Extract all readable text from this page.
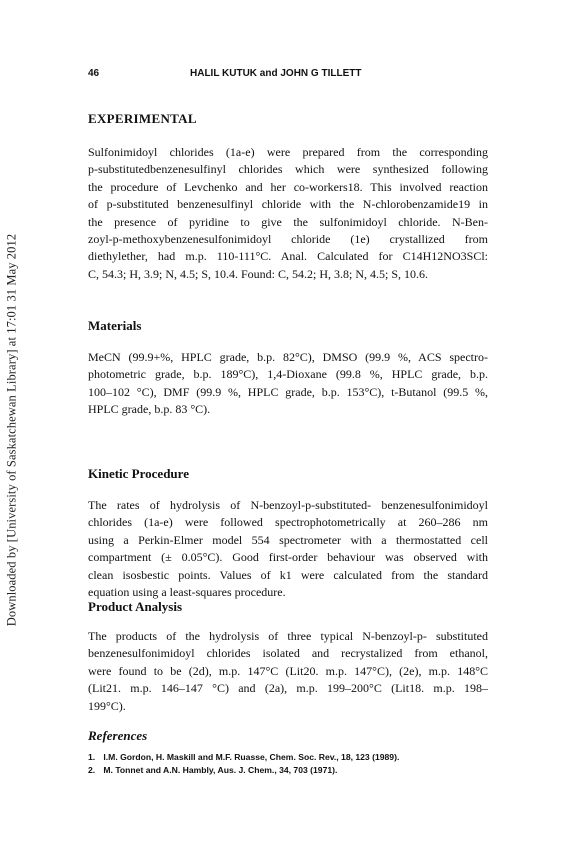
Downloaded by [University of Saskatchewan Library] at 17:01 31 May 2012
46	HALIL KUTUK and JOHN G TILLETT
EXPERIMENTAL
Sulfonimidoyl chlorides (1a-e) were prepared from the corresponding
p-substitutedbenzenesulfinyl chlorides which were synthesized following
the procedure of Levchenko and her co-workers18. This involved reaction
of p-substituted benzenesulfinyl chloride with the N-chlorobenzamide19 in
the presence of pyridine to give the sulfonimidoyl chloride. N-Ben-
zoyl-p-methoxybenzenesulfonimidoyl chloride (1e) crystallized from
diethylether, had m.p. 110-111°C. Anal. Calculated for C14H12NO3SCl:
C, 54.3; H, 3.9; N, 4.5; S, 10.4. Found: C, 54.2; H, 3.8; N, 4.5; S, 10.6.
Materials
MeCN (99.9+%, HPLC grade, b.p. 82°C), DMSO (99.9 %, ACS spectro-
photometric grade, b.p. 189°C), 1,4-Dioxane (99.8 %, HPLC grade, b.p.
100–102 °C), DMF (99.9 %, HPLC grade, b.p. 153°C), t-Butanol (99.5 %,
HPLC grade, b.p. 83 °C).
Kinetic Procedure
The rates of hydrolysis of N-benzoyl-p-substituted- benzenesulfonimidoyl
chlorides (1a-e) were followed spectrophotometrically at 260–286 nm
using a Perkin-Elmer model 554 spectrometer with a thermostatted cell
compartment (± 0.05°C). Good first-order behaviour was observed with
clean isosbestic points. Values of k1 were calculated from the standard
equation using a least-squares procedure.
Product Analysis
The products of the hydrolysis of three typical N-benzoyl-p- substituted
benzenesulfonimidoyl chlorides isolated and recrystalized from ethanol,
were found to be (2d), m.p. 147°C (Lit20. m.p. 147°C), (2e), m.p. 148°C
(Lit21. m.p. 146–147 °C) and (2a), m.p. 199–200°C (Lit18. m.p. 198–
199°C).
References
1. I.M. Gordon, H. Maskill and M.F. Ruasse, Chem. Soc. Rev., 18, 123 (1989).
2. M. Tonnet and A.N. Hambly, Aus. J. Chem., 34, 703 (1971).
